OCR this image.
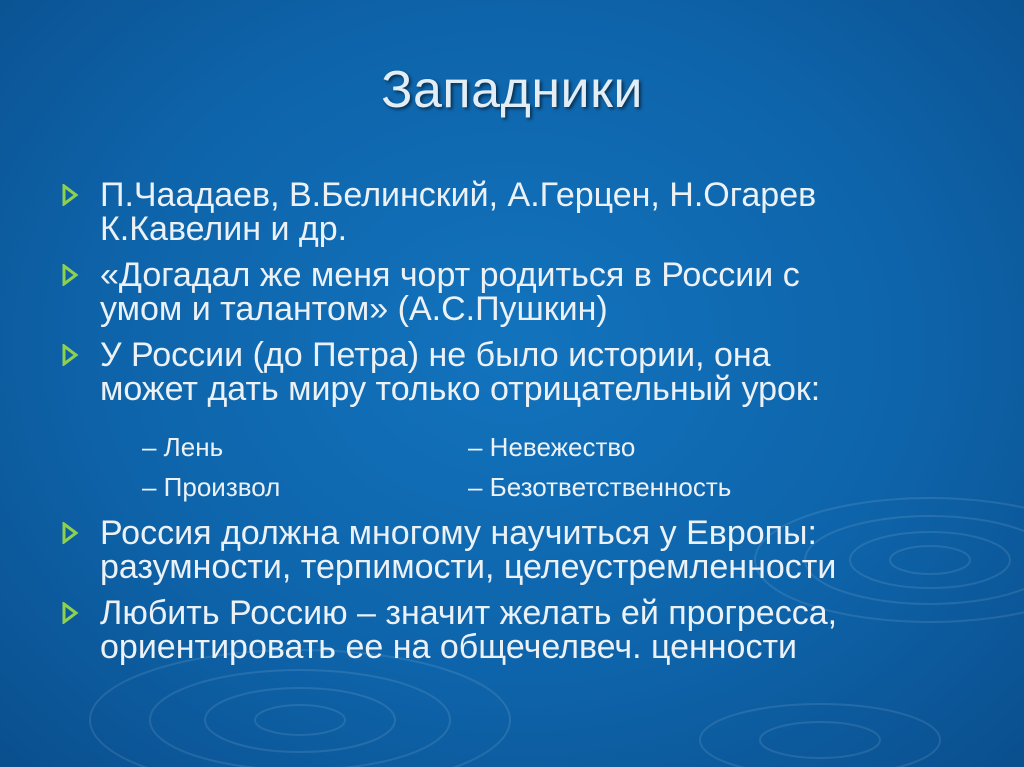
Западники
П.Чаадаев, В.Белинский, А.Герцен, Н.Огарев
К.Кавелин и др.
«Догадал же меня чорт родиться в России с
умом и талантом» (А.С.Пушкин)
У России (до Петра) не было истории, она
может дать миру только отрицательный урок:
– Лень	– Невежество
– Произвол	– Безответственность
Россия должна многому научиться у Европы:
разумности, терпимости, целеустремленности
Любить Россию – значит желать ей прогресса,
ориентировать ее на общечелвеч. ценности
